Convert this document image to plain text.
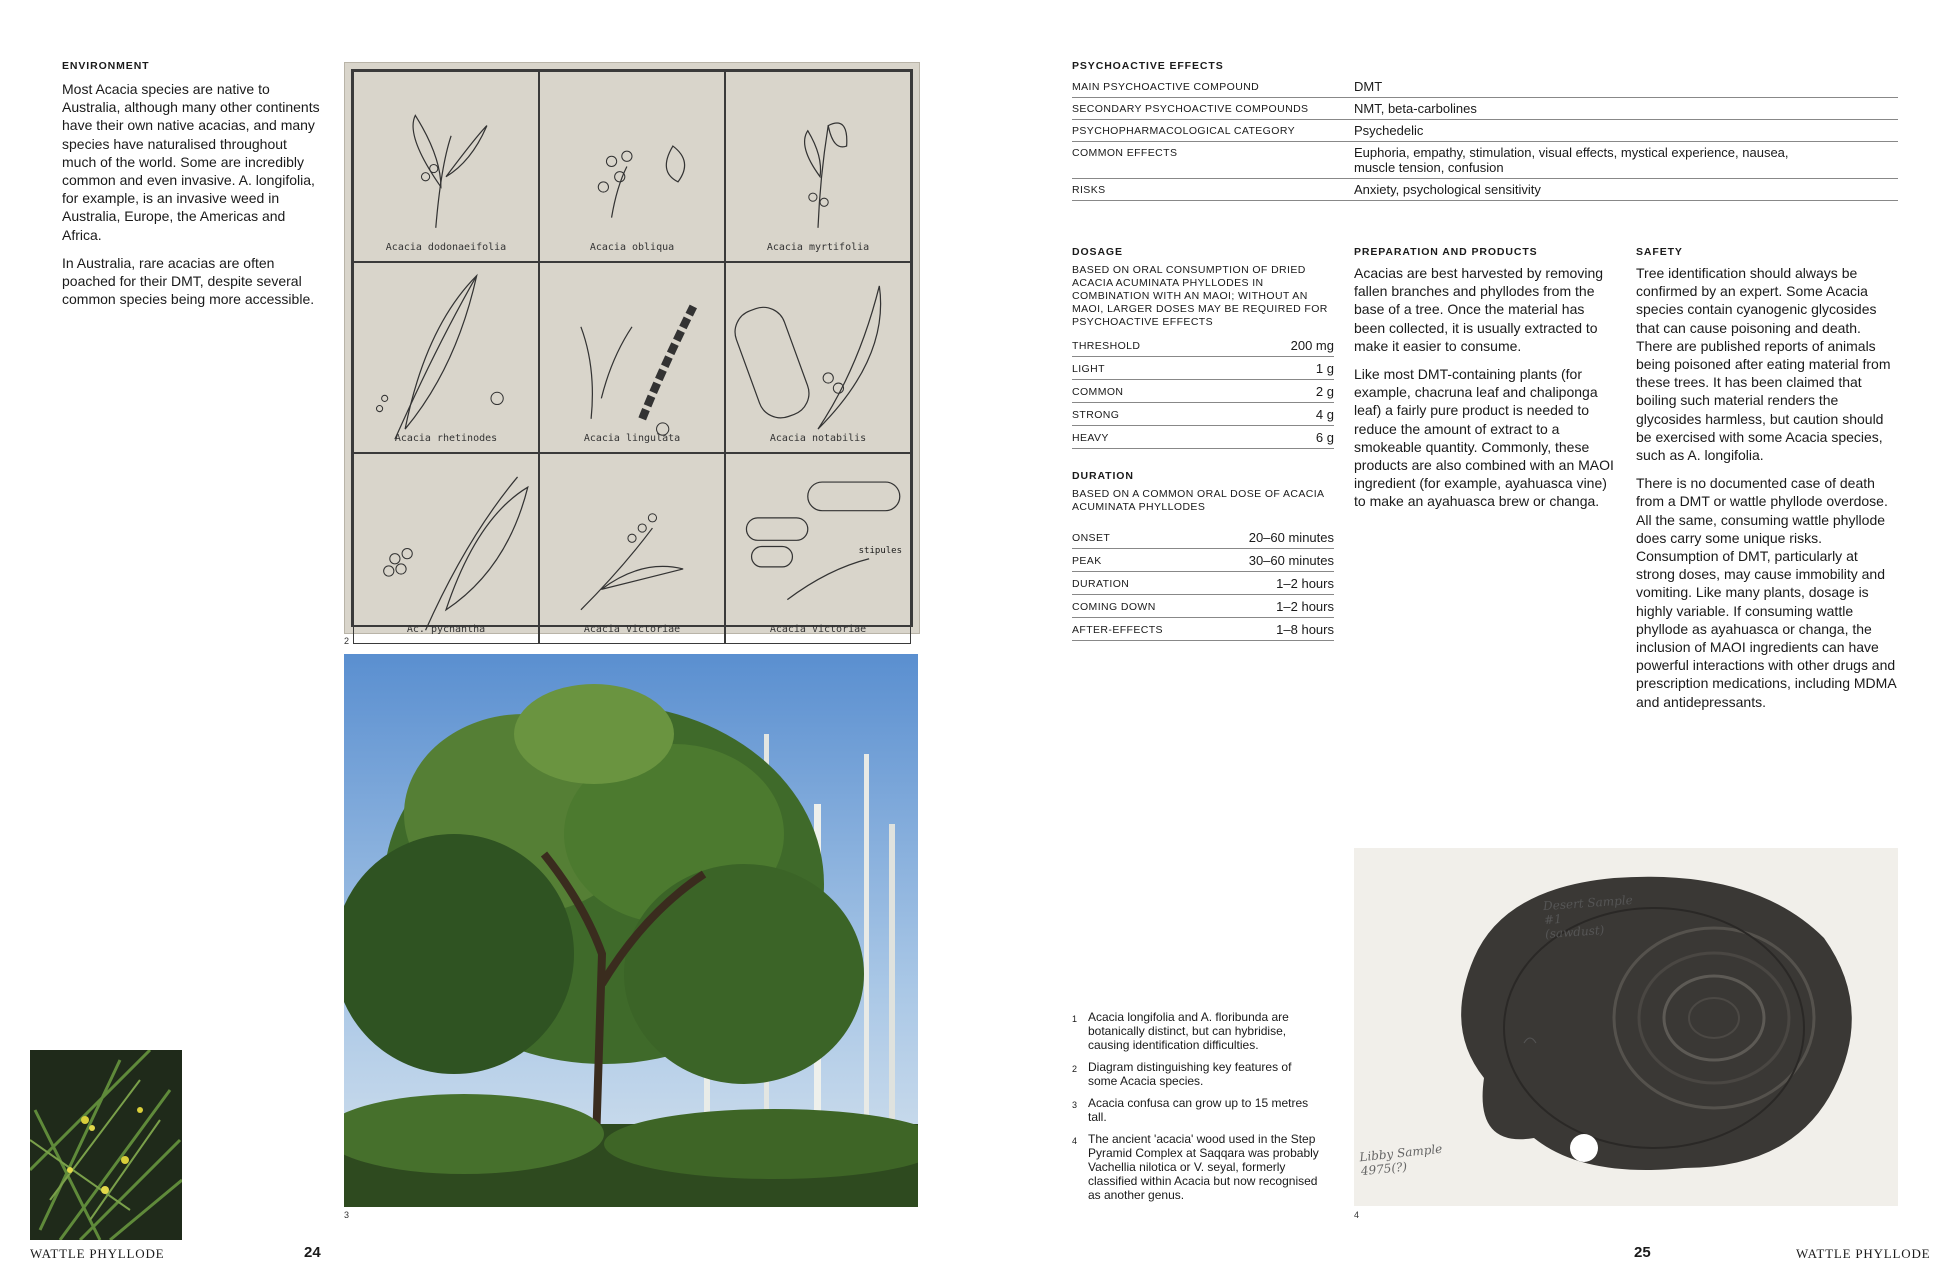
ENVIRONMENT

Most Acacia species are native to Australia, although many other continents have their own native acacias, and many species have naturalised throughout much of the world. Some are incredibly common and even invasive. A. longifolia, for example, is an invasive weed in Australia, Europe, the Americas and Africa.

In Australia, rare acacias are often poached for their DMT, despite several common species being more accessible.

Acacia dodonaeifolia	Acacia obliqua	Acacia myrtifolia
Acacia rhetinodes	Acacia lingulata	Acacia notabilis
Ac. pycnantha	Acacia Victoriae
stipules
Acacia Victoriae
2
3
WATTLE PHYLLODE	24
PSYCHOACTIVE EFFECTS
MAIN PSYCHOACTIVE COMPOUND	DMT
SECONDARY PSYCHOACTIVE COMPOUNDS	NMT, beta-carbolines
PSYCHOPHARMACOLOGICAL CATEGORY	Psychedelic
COMMON EFFECTS	Euphoria, empathy, stimulation, visual effects, mystical experience, nausea, muscle tension, confusion
RISKS	Anxiety, psychological sensitivity
DOSAGE
BASED ON ORAL CONSUMPTION OF DRIED ACACIA ACUMINATA PHYLLODES IN COMBINATION WITH AN MAOI; WITHOUT AN MAOI, LARGER DOSES MAY BE REQUIRED FOR PSYCHOACTIVE EFFECTS
THRESHOLD	200 mg
LIGHT	1 g
COMMON	2 g
STRONG	4 g
HEAVY	6 g
DURATION
BASED ON A COMMON ORAL DOSE OF ACACIA ACUMINATA PHYLLODES
ONSET	20–60 minutes
PEAK	30–60 minutes
DURATION	1–2 hours
COMING DOWN	1–2 hours
AFTER-EFFECTS	1–8 hours
PREPARATION AND PRODUCTS

Acacias are best harvested by removing fallen branches and phyllodes from the base of a tree. Once the material has been collected, it is usually extracted to make it easier to consume.

Like most DMT-containing plants (for example, chacruna leaf and chaliponga leaf) a fairly pure product is needed to reduce the amount of extract to a smokeable quantity. Commonly, these products are also combined with an MAOI ingredient (for example, ayahuasca vine) to make an ayahuasca brew or changa.

SAFETY

Tree identification should always be confirmed by an expert. Some Acacia species contain cyanogenic glycosides that can cause poisoning and death. There are published reports of animals being poisoned after eating material from these trees. It has been claimed that boiling such material renders the glycosides harmless, but caution should be exercised with some Acacia species, such as A. longifolia.

There is no documented case of death from a DMT or wattle phyllode overdose. All the same, consuming wattle phyllode does carry some unique risks. Consumption of DMT, particularly at strong doses, may cause immobility and vomiting. Like many plants, dosage is highly variable. If consuming wattle phyllode as ayahuasca or changa, the inclusion of MAOI ingredients can have powerful interactions with other drugs and prescription medications, including MDMA and antidepressants.

1 Acacia longifolia and A. floribunda are botanically distinct, but can hybridise, causing identification difficulties.
2 Diagram distinguishing key features of some Acacia species.
3 Acacia confusa can grow up to 15 metres tall.
4 The ancient 'acacia' wood used in the Step Pyramid Complex at Saqqara was probably Vachellia nilotica or V. seyal, formerly classified within Acacia but now recognised as another genus.
Desert Sample
#1
(sawdust)
Libby Sample
4975(?)
4
25	WATTLE PHYLLODE
